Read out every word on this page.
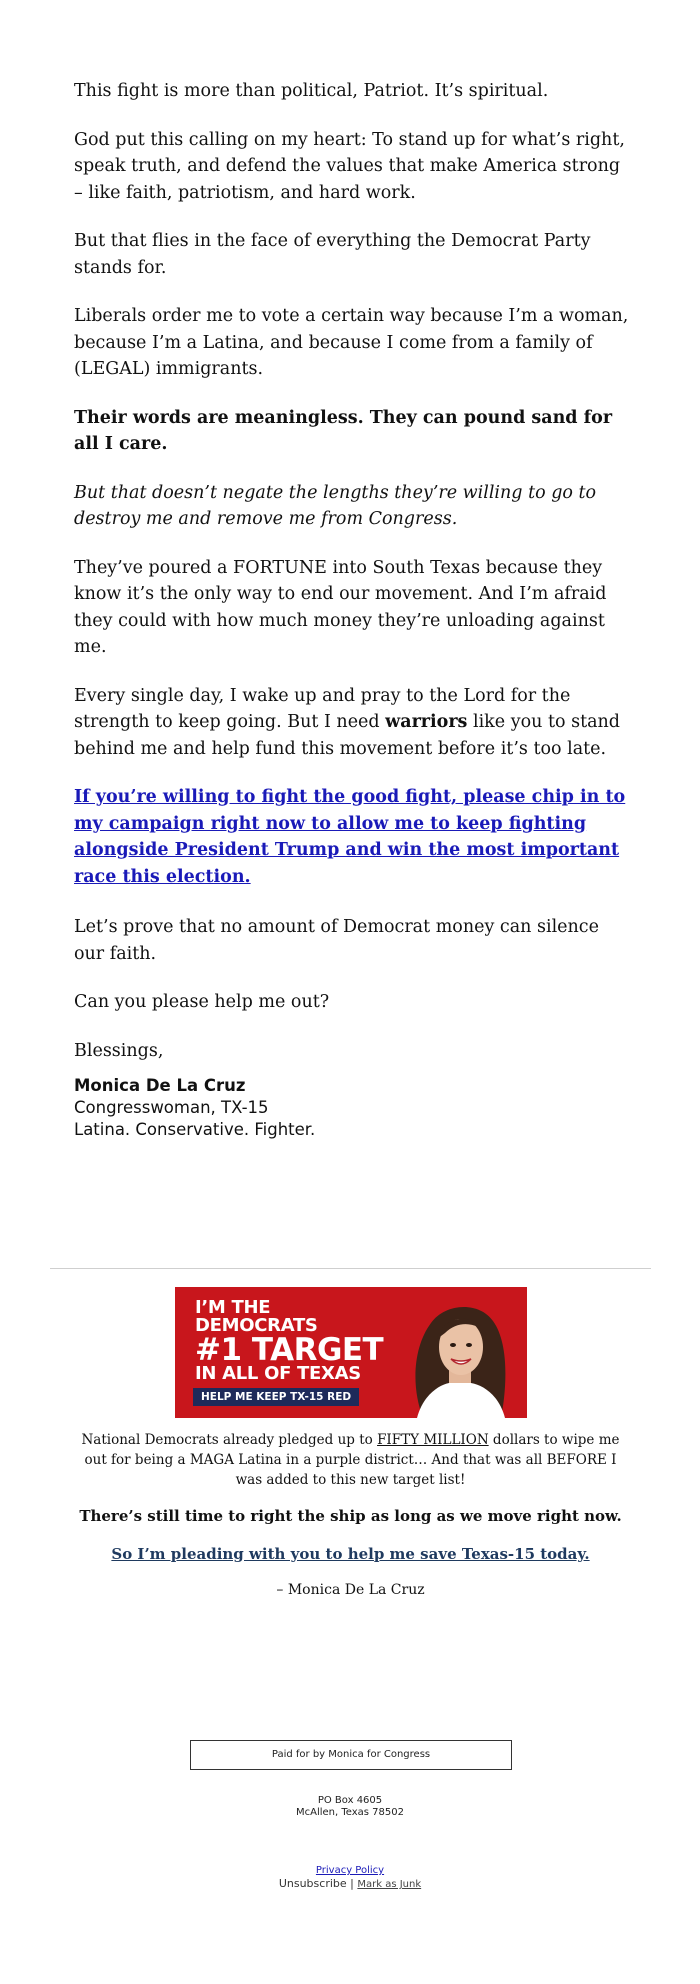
This fight is more than political, Patriot. It’s spiritual.

God put this calling on my heart: To stand up for what’s right, speak truth, and defend the values that make America strong – like faith, patriotism, and hard work.

But that flies in the face of everything the Democrat Party stands for.

Liberals order me to vote a certain way because I’m a woman, because I’m a Latina, and because I come from a family of (LEGAL) immigrants.

Their words are meaningless. They can pound sand for all I care.

But that doesn’t negate the lengths they’re willing to go to destroy me and remove me from Congress.

They’ve poured a FORTUNE into South Texas because they know it’s the only way to end our movement. And I’m afraid they could with how much money they’re unloading against me.

Every single day, I wake up and pray to the Lord for the strength to keep going. But I need warriors like you to stand behind me and help fund this movement before it’s too late.

If you’re willing to fight the good fight, please chip in to my campaign right now to allow me to keep fighting alongside President Trump and win the most important race this election.

Let’s prove that no amount of Democrat money can silence our faith.

Can you please help me out?

Blessings,

Monica De La Cruz
Congresswoman, TX-15
Latina. Conservative. Fighter.
I’M THE
DEMOCRATS
#1 TARGET
IN ALL OF TEXAS
HELP ME KEEP TX-15 RED

National Democrats already pledged up to FIFTY MILLION dollars to wipe me out for being a MAGA Latina in a purple district… And that was all BEFORE I was added to this new target list!

There’s still time to right the ship as long as we move right now.

So I’m pleading with you to help me save Texas-15 today.

– Monica De La Cruz

Paid for by Monica for Congress
PO Box 4605
McAllen, Texas 78502
Privacy Policy
Unsubscribe | Mark as Junk
